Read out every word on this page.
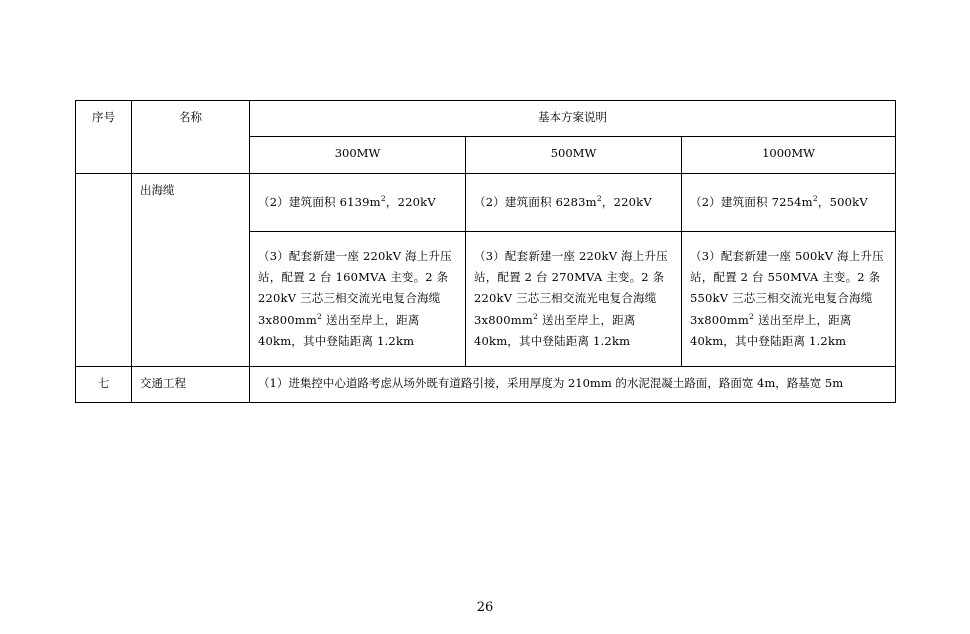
序号	名称	基本方案说明		
		300MW	500MW	1000MW
	出海缆	（2）建筑面积 $6139m^2$，220kV	（2）建筑面积 $6283m^2$，220kV	（2）建筑面积 $7254m^2$，500kV
		（3）配套新建一座 220kV 海上升压站，配置 2 台 160MVA 主变。2 条 220kV 三芯三相交流光电复合海缆 $3x800mm^2$ 送出至岸上，距离 40km，其中登陆距离 1.2km	（3）配套新建一座 220kV 海上升压站，配置 2 台 270MVA 主变。2 条 220kV 三芯三相交流光电复合海缆 $3x800mm^2$ 送出至岸上，距离 40km，其中登陆距离 1.2km	（3）配套新建一座 500kV 海上升压站，配置 2 台 550MVA 主变。2 条 550kV 三芯三相交流光电复合海缆 $3x800mm^2$ 送出至岸上，距离 40km，其中登陆距离 1.2km
七	交通工程	（1）进集控中心道路考虑从场外既有道路引接，采用厚度为 210mm 的水泥混凝土路面，路面宽 4m，路基宽 5m		
26
